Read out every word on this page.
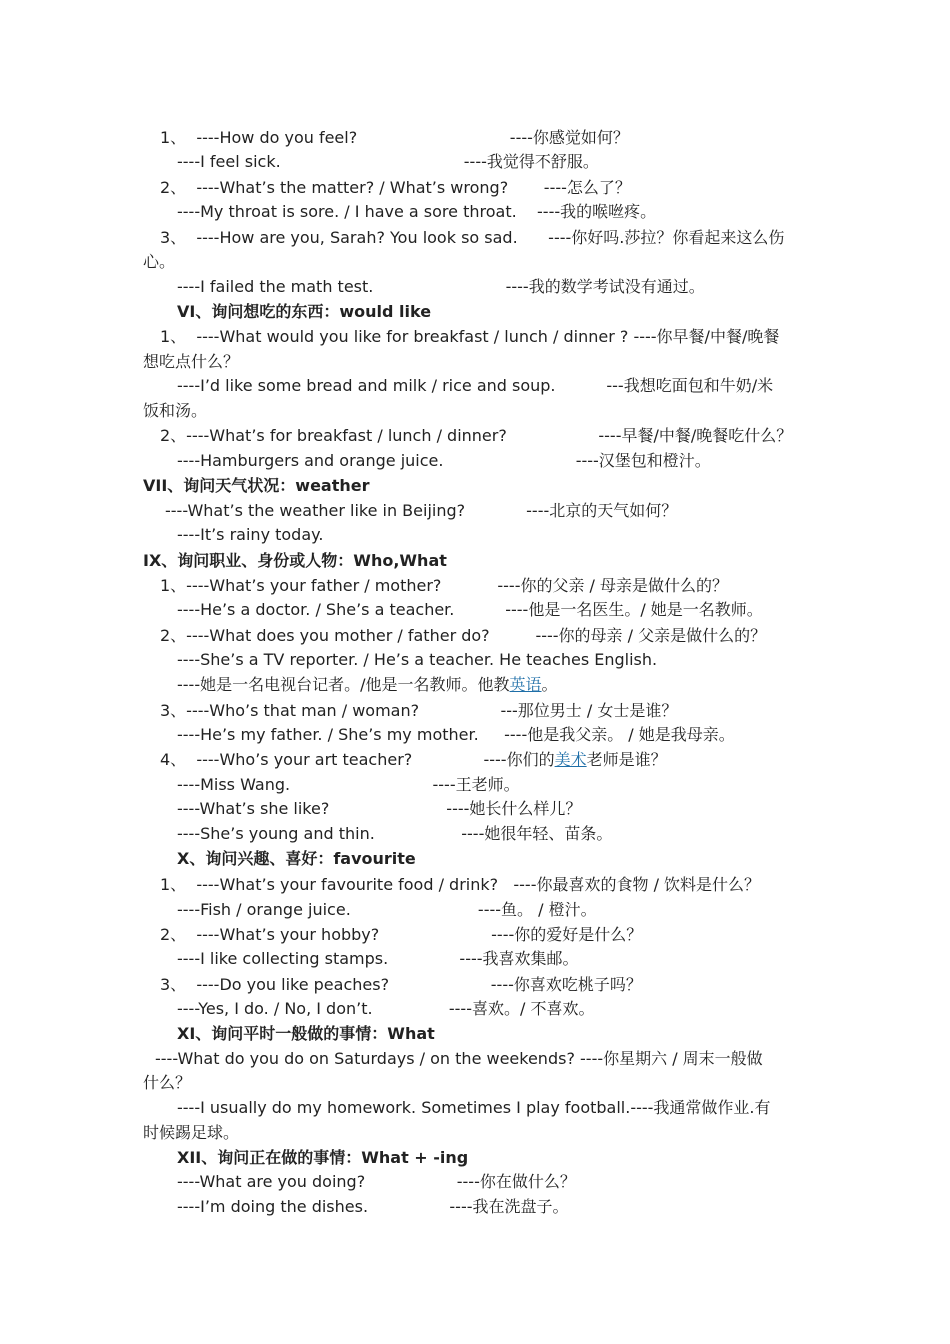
1、  ----How do you feel?                              ----你感觉如何？
----I feel sick.                                    ----我觉得不舒服。
2、  ----What’s the matter? / What’s wrong?       ----怎么了？
----My throat is sore. / I have a sore throat.    ----我的喉咝疼。
3、  ----How are you, Sarah? You look so sad.      ----你好吗.莎拉？你看起来这么伤
心。
----I failed the math test.                          ----我的数学考试没有通过。
VI、询问想吃的东西：would like
1、  ----What would you like for breakfast / lunch / dinner ? ----你早餐/中餐/晚餐
想吃点什么？
----I’d like some bread and milk / rice and soup.          ---我想吃面包和牛奶/米
饭和汤。
2、----What’s for breakfast / lunch / dinner?                  ----早餐/中餐/晚餐吃什么？
----Hamburgers and orange juice.                          ----汉堡包和橙汁。
VII、询问天气状况：weather
----What’s the weather like in Beijing?            ----北京的天气如何？
----It’s rainy today.
IX、询问职业、身份或人物：Who,What
1、----What’s your father / mother?           ----你的父亲 / 母亲是做什么的？
----He’s a doctor. / She’s a teacher.          ----他是一名医生。/ 她是一名教师。
2、----What does you mother / father do?         ----你的母亲 / 父亲是做什么的？
----She’s a TV reporter. / He’s a teacher. He teaches English.
----她是一名电视台记者。/他是一名教师。他教英语。
3、----Who’s that man / woman?                ---那位男士 / 女士是谁？
----He’s my father. / She’s my mother.     ----他是我父亲。 / 她是我母亲。
4、  ----Who’s your art teacher?              ----你们的美术老师是谁？
----Miss Wang.                            ----王老师。
----What’s she like?                       ----她长什么样儿？
----She’s young and thin.                 ----她很年轻、苗条。
X、询问兴趣、喜好：favourite
1、  ----What’s your favourite food / drink?   ----你最喜欢的食物 / 饮料是什么？
----Fish / orange juice.                         ----鱼。 / 橙汁。
2、  ----What’s your hobby?                      ----你的爱好是什么？
----I like collecting stamps.              ----我喜欢集邮。
3、  ----Do you like peaches?                    ----你喜欢吃桃子吗？
----Yes, I do. / No, I don’t.               ----喜欢。/ 不喜欢。
XI、询问平时一般做的事情：What
----What do you do on Saturdays / on the weekends? ----你星期六 / 周末一般做
什么？
----I usually do my homework. Sometimes I play football.----我通常做作业.有
时候踢足球。
XII、询问正在做的事情：What + -ing
----What are you doing?                  ----你在做什么？
----I’m doing the dishes.                ----我在洗盘子。
